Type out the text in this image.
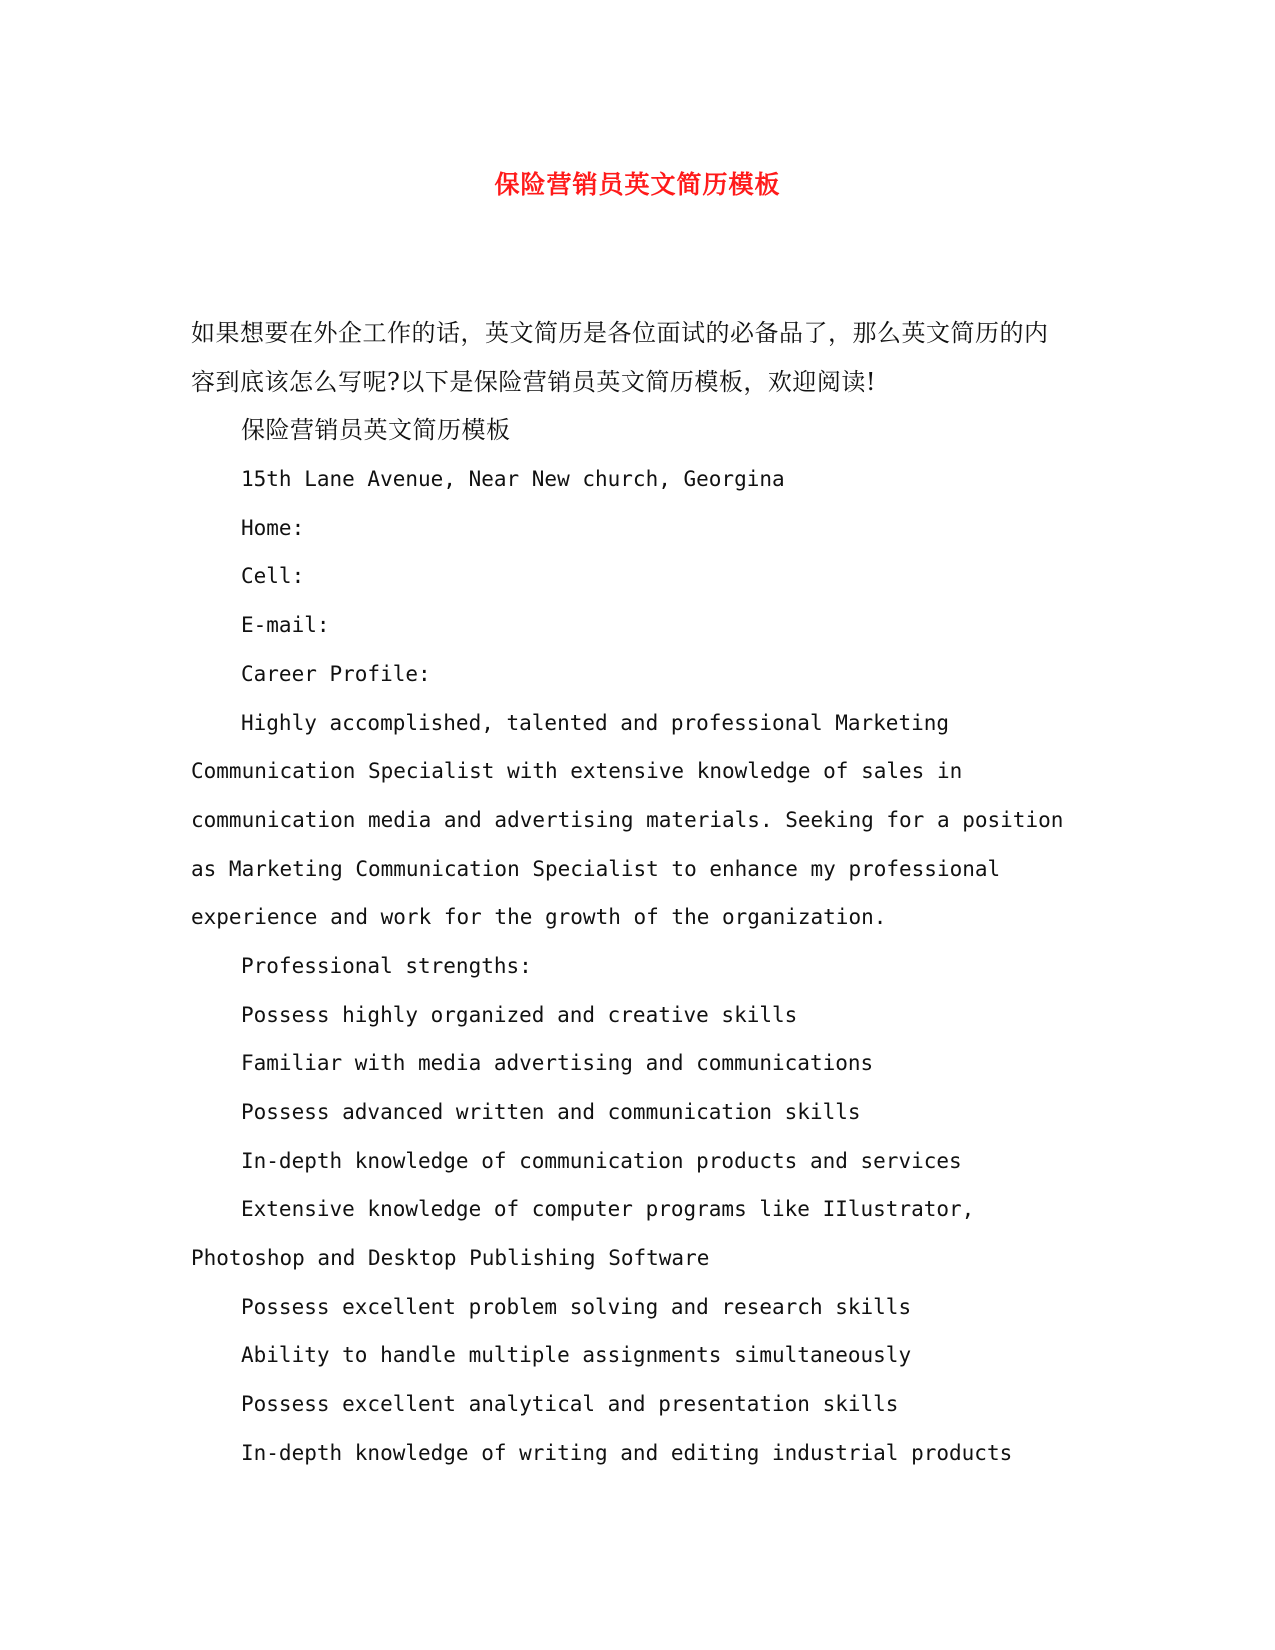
保险营销员英文简历模板

如果想要在外企工作的话，英文简历是各位面试的必备品了，那么英文简历的内

容到底该怎么写呢?以下是保险营销员英文简历模板，欢迎阅读!

保险营销员英文简历模板

15th Lane Avenue, Near New church, Georgina

Home:

Cell:

E-mail:

Career Profile:

Highly accomplished, talented and professional Marketing

Communication Specialist with extensive knowledge of sales in

communication media and advertising materials. Seeking for a position

as Marketing Communication Specialist to enhance my professional

experience and work for the growth of the organization.

Professional strengths:

Possess highly organized and creative skills

Familiar with media advertising and communications

Possess advanced written and communication skills

In-depth knowledge of communication products and services

Extensive knowledge of computer programs like IIlustrator,

Photoshop and Desktop Publishing Software

Possess excellent problem solving and research skills

Ability to handle multiple assignments simultaneously

Possess excellent analytical and presentation skills

In-depth knowledge of writing and editing industrial products
